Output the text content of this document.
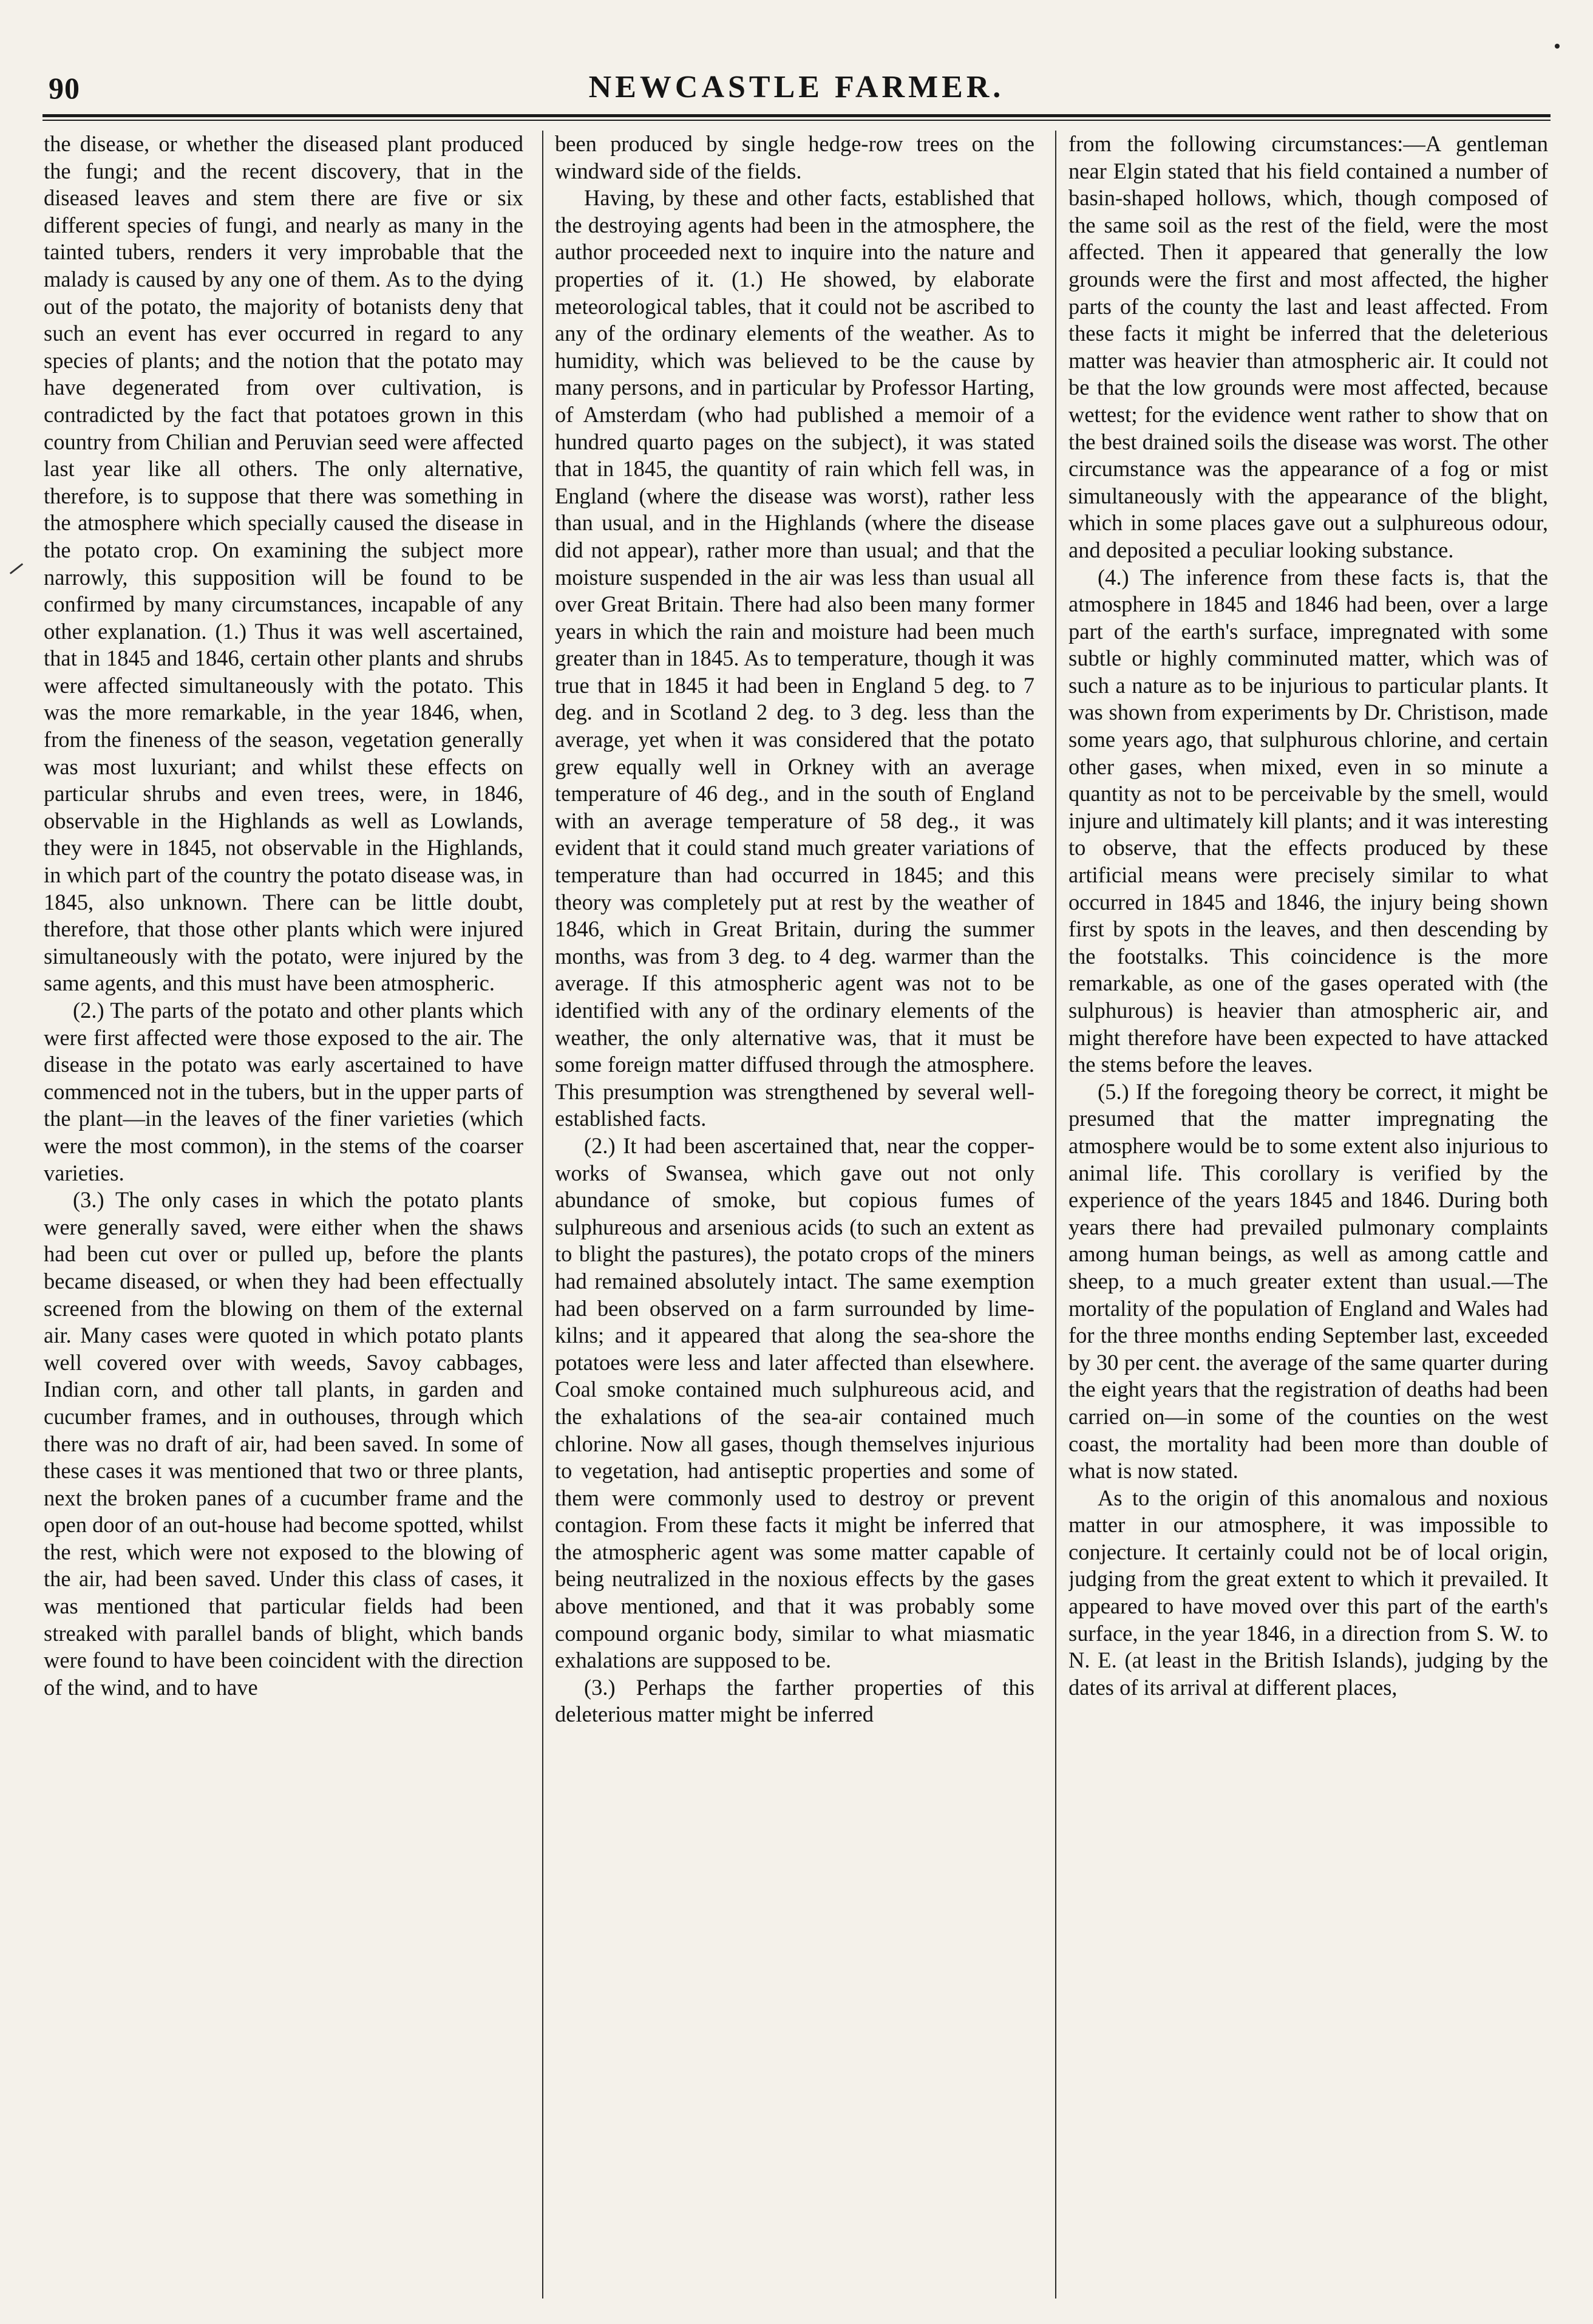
90	NEWCASTLE FARMER.

the disease, or whether the diseased plant produced the fungi; and the recent discovery, that in the diseased leaves and stem there are five or six different species of fungi, and nearly as many in the tainted tubers, renders it very improbable that the malady is caused by any one of them. As to the dying out of the potato, the majority of botanists deny that such an event has ever occurred in regard to any species of plants; and the notion that the potato may have degenerated from over cultivation, is contradicted by the fact that potatoes grown in this country from Chilian and Peruvian seed were affected last year like all others. The only alternative, therefore, is to suppose that there was something in the atmosphere which specially caused the disease in the potato crop. On examining the subject more narrowly, this supposition will be found to be confirmed by many circumstances, incapable of any other explanation. (1.) Thus it was well ascertained, that in 1845 and 1846, certain other plants and shrubs were affected simultaneously with the potato. This was the more remarkable, in the year 1846, when, from the fineness of the season, vegetation generally was most luxuriant; and whilst these effects on particular shrubs and even trees, were, in 1846, observable in the Highlands as well as Lowlands, they were in 1845, not observable in the Highlands, in which part of the country the potato disease was, in 1845, also unknown. There can be little doubt, therefore, that those other plants which were injured simultaneously with the potato, were injured by the same agents, and this must have been atmospheric.

(2.) The parts of the potato and other plants which were first affected were those exposed to the air. The disease in the potato was early ascertained to have commenced not in the tubers, but in the upper parts of the plant—in the leaves of the finer varieties (which were the most common), in the stems of the coarser varieties.

(3.) The only cases in which the potato plants were generally saved, were either when the shaws had been cut over or pulled up, before the plants became diseased, or when they had been effectually screened from the blowing on them of the external air. Many cases were quoted in which potato plants well covered over with weeds, Savoy cabbages, Indian corn, and other tall plants, in garden and cucumber frames, and in outhouses, through which there was no draft of air, had been saved. In some of these cases it was mentioned that two or three plants, next the broken panes of a cucumber frame and the open door of an out-house had become spotted, whilst the rest, which were not exposed to the blowing of the air, had been saved. Under this class of cases, it was mentioned that particular fields had been streaked with parallel bands of blight, which bands were found to have been coincident with the direction of the wind, and to have

been produced by single hedge-row trees on the windward side of the fields.

Having, by these and other facts, established that the destroying agents had been in the atmosphere, the author proceeded next to inquire into the nature and properties of it. (1.) He showed, by elaborate meteorological tables, that it could not be ascribed to any of the ordinary elements of the weather. As to humidity, which was believed to be the cause by many persons, and in particular by Professor Harting, of Amsterdam (who had published a memoir of a hundred quarto pages on the subject), it was stated that in 1845, the quantity of rain which fell was, in England (where the disease was worst), rather less than usual, and in the Highlands (where the disease did not appear), rather more than usual; and that the moisture suspended in the air was less than usual all over Great Britain. There had also been many former years in which the rain and moisture had been much greater than in 1845. As to temperature, though it was true that in 1845 it had been in England 5 deg. to 7 deg. and in Scotland 2 deg. to 3 deg. less than the average, yet when it was considered that the potato grew equally well in Orkney with an average temperature of 46 deg., and in the south of England with an average temperature of 58 deg., it was evident that it could stand much greater variations of temperature than had occurred in 1845; and this theory was completely put at rest by the weather of 1846, which in Great Britain, during the summer months, was from 3 deg. to 4 deg. warmer than the average. If this atmospheric agent was not to be identified with any of the ordinary elements of the weather, the only alternative was, that it must be some foreign matter diffused through the atmosphere. This presumption was strengthened by several well-established facts.

(2.) It had been ascertained that, near the copper-works of Swansea, which gave out not only abundance of smoke, but copious fumes of sulphureous and arsenious acids (to such an extent as to blight the pastures), the potato crops of the miners had remained absolutely intact. The same exemption had been observed on a farm surrounded by lime-kilns; and it appeared that along the sea-shore the potatoes were less and later affected than elsewhere. Coal smoke contained much sulphureous acid, and the exhalations of the sea-air contained much chlorine. Now all gases, though themselves injurious to vegetation, had antiseptic properties and some of them were commonly used to destroy or prevent contagion. From these facts it might be inferred that the atmospheric agent was some matter capable of being neutralized in the noxious effects by the gases above mentioned, and that it was probably some compound organic body, similar to what miasmatic exhalations are supposed to be.

(3.) Perhaps the farther properties of this deleterious matter might be inferred

from the following circumstances:—A gentleman near Elgin stated that his field contained a number of basin-shaped hollows, which, though composed of the same soil as the rest of the field, were the most affected. Then it appeared that generally the low grounds were the first and most affected, the higher parts of the county the last and least affected. From these facts it might be inferred that the deleterious matter was heavier than atmospheric air. It could not be that the low grounds were most affected, because wettest; for the evidence went rather to show that on the best drained soils the disease was worst. The other circumstance was the appearance of a fog or mist simultaneously with the appearance of the blight, which in some places gave out a sulphureous odour, and deposited a peculiar looking substance.

(4.) The inference from these facts is, that the atmosphere in 1845 and 1846 had been, over a large part of the earth's surface, impregnated with some subtle or highly comminuted matter, which was of such a nature as to be injurious to particular plants. It was shown from experiments by Dr. Christison, made some years ago, that sulphurous chlorine, and certain other gases, when mixed, even in so minute a quantity as not to be perceivable by the smell, would injure and ultimately kill plants; and it was interesting to observe, that the effects produced by these artificial means were precisely similar to what occurred in 1845 and 1846, the injury being shown first by spots in the leaves, and then descending by the footstalks. This coincidence is the more remarkable, as one of the gases operated with (the sulphurous) is heavier than atmospheric air, and might therefore have been expected to have attacked the stems before the leaves.

(5.) If the foregoing theory be correct, it might be presumed that the matter impregnating the atmosphere would be to some extent also injurious to animal life. This corollary is verified by the experience of the years 1845 and 1846. During both years there had prevailed pulmonary complaints among human beings, as well as among cattle and sheep, to a much greater extent than usual.—The mortality of the population of England and Wales had for the three months ending September last, exceeded by 30 per cent. the average of the same quarter during the eight years that the registration of deaths had been carried on—in some of the counties on the west coast, the mortality had been more than double of what is now stated.

As to the origin of this anomalous and noxious matter in our atmosphere, it was impossible to conjecture. It certainly could not be of local origin, judging from the great extent to which it prevailed. It appeared to have moved over this part of the earth's surface, in the year 1846, in a direction from S. W. to N. E. (at least in the British Islands), judging by the dates of its arrival at different places,
